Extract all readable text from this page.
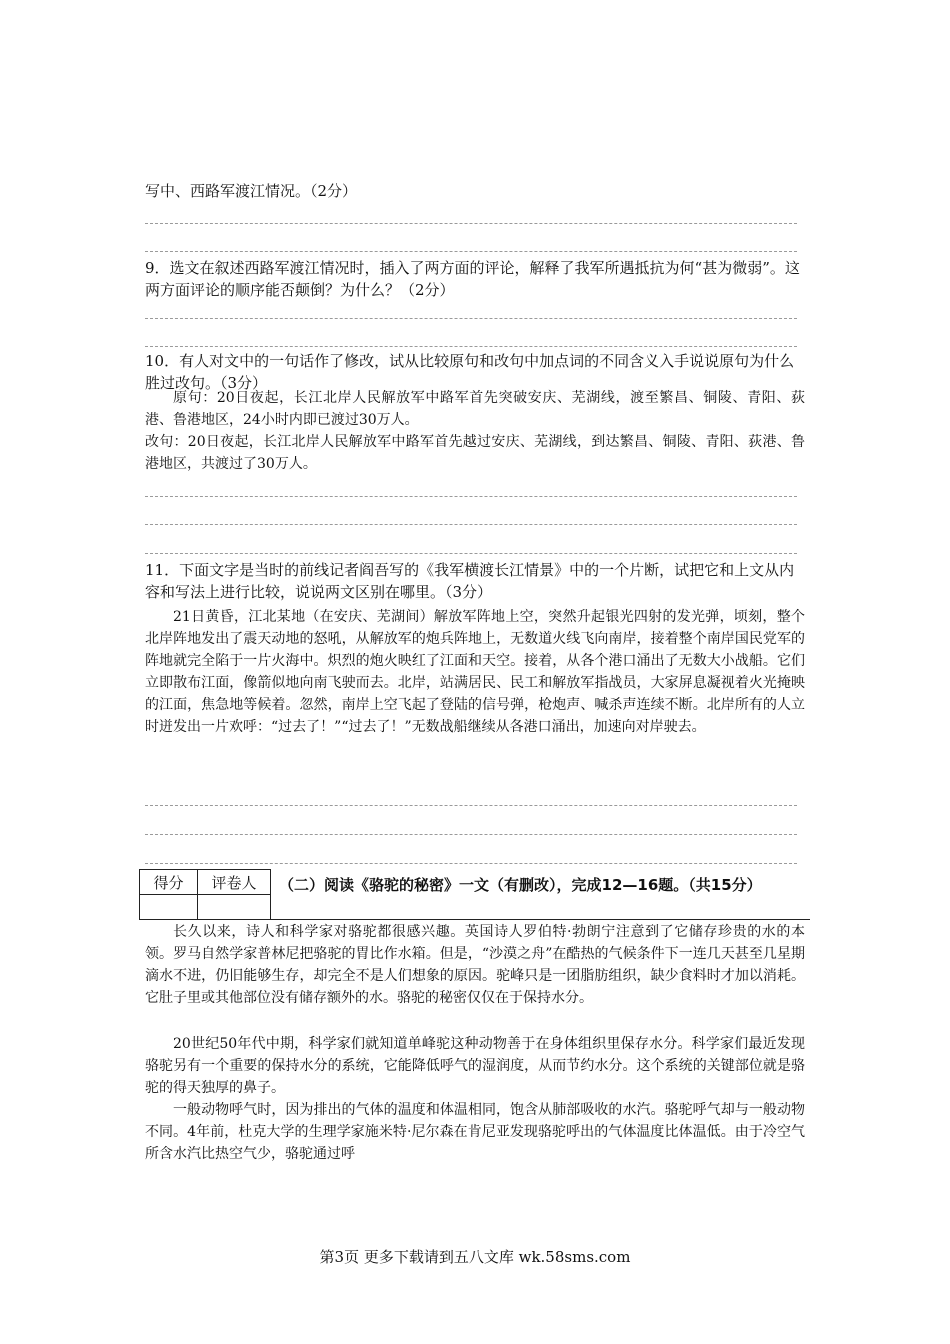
写中、西路军渡江情况。（2分）

9．选文在叙述西路军渡江情况时，插入了两方面的评论，解释了我军所遇抵抗为何“甚为微弱”。这两方面评论的顺序能否颠倒？为什么？（2分）

10．有人对文中的一句话作了修改，试从比较原句和改句中加点词的不同含义入手说说原句为什么胜过改句。（3分）

原句：20日夜起，长江北岸人民解放军中路军首先突破安庆、芜湖线，渡至繁昌、铜陵、青阳、荻港、鲁港地区，24小时内即已渡过30万人。

改句：20日夜起，长江北岸人民解放军中路军首先越过安庆、芜湖线，到达繁昌、铜陵、青阳、荻港、鲁港地区，共渡过了30万人。

11．下面文字是当时的前线记者阎吾写的《我军横渡长江情景》中的一个片断，试把它和上文从内容和写法上进行比较，说说两文区别在哪里。（3分）

21日黄昏，江北某地（在安庆、芜湖间）解放军阵地上空，突然升起银光四射的发光弹，顷刻，整个北岸阵地发出了震天动地的怒吼，从解放军的炮兵阵地上，无数道火线飞向南岸，接着整个南岸国民党军的阵地就完全陷于一片火海中。炽烈的炮火映红了江面和天空。接着，从各个港口涌出了无数大小战船。它们立即散布江面，像箭似地向南飞驶而去。北岸，站满居民、民工和解放军指战员，大家屏息凝视着火光掩映的江面，焦急地等候着。忽然，南岸上空飞起了登陆的信号弹，枪炮声、喊杀声连续不断。北岸所有的人立时迸发出一片欢呼：“过去了！”“过去了！”无数战船继续从各港口涌出，加速向对岸驶去。

得分	评卷人
	（二）阅读《骆驼的秘密》一文（有删改），完成12—16题。（共15分）

长久以来，诗人和科学家对骆驼都很感兴趣。英国诗人罗伯特·勃朗宁注意到了它储存珍贵的水的本领。罗马自然学家普林尼把骆驼的胃比作水箱。但是，“沙漠之舟”在酷热的气候条件下一连几天甚至几星期滴水不进，仍旧能够生存，却完全不是人们想象的原因。驼峰只是一团脂肪组织，缺少食料时才加以消耗。它肚子里或其他部位没有储存额外的水。骆驼的秘密仅仅在于保持水分。

20世纪50年代中期，科学家们就知道单峰驼这种动物善于在身体组织里保存水分。科学家们最近发现骆驼另有一个重要的保持水分的系统，它能降低呼气的湿润度，从而节约水分。这个系统的关键部位就是骆驼的得天独厚的鼻子。

一般动物呼气时，因为排出的气体的温度和体温相同，饱含从肺部吸收的水汽。骆驼呼气却与一般动物不同。4年前，杜克大学的生理学家施米特·尼尔森在肯尼亚发现骆驼呼出的气体温度比体温低。由于冷空气所含水汽比热空气少，骆驼通过呼

第3页 更多下载请到五八文库 wk.58sms.com
